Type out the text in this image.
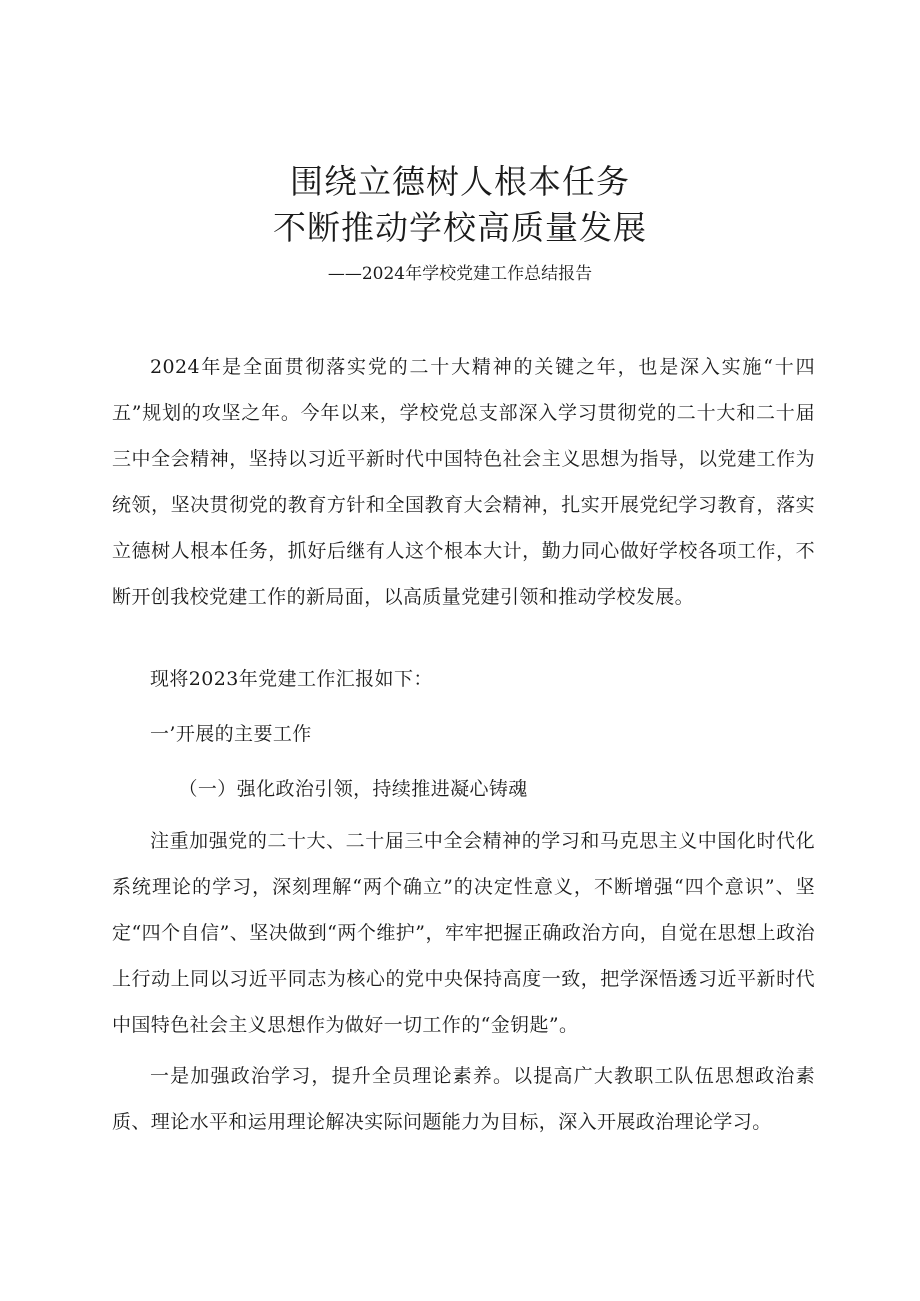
围绕立德树人根本任务
不断推动学校高质量发展

——2024年学校党建工作总结报告

2024年是全面贯彻落实党的二十大精神的关键之年，也是深入实施“十四五”规划的攻坚之年。今年以来，学校党总支部深入学习贯彻党的二十大和二十届三中全会精神，坚持以习近平新时代中国特色社会主义思想为指导，以党建工作为统领，坚决贯彻党的教育方针和全国教育大会精神，扎实开展党纪学习教育，落实立德树人根本任务，抓好后继有人这个根本大计，勤力同心做好学校各项工作，不断开创我校党建工作的新局面，以高质量党建引领和推动学校发展。

现将2023年党建工作汇报如下：

一’开展的主要工作

（一）强化政治引领，持续推进凝心铸魂

注重加强党的二十大、二十届三中全会精神的学习和马克思主义中国化时代化系统理论的学习，深刻理解“两个确立”的决定性意义，不断增强“四个意识”、坚定“四个自信”、坚决做到“两个维护”，牢牢把握正确政治方向，自觉在思想上政治上行动上同以习近平同志为核心的党中央保持高度一致，把学深悟透习近平新时代中国特色社会主义思想作为做好一切工作的“金钥匙”。

一是加强政治学习，提升全员理论素养。以提高广大教职工队伍思想政治素质、理论水平和运用理论解决实际问题能力为目标，深入开展政治理论学习。
